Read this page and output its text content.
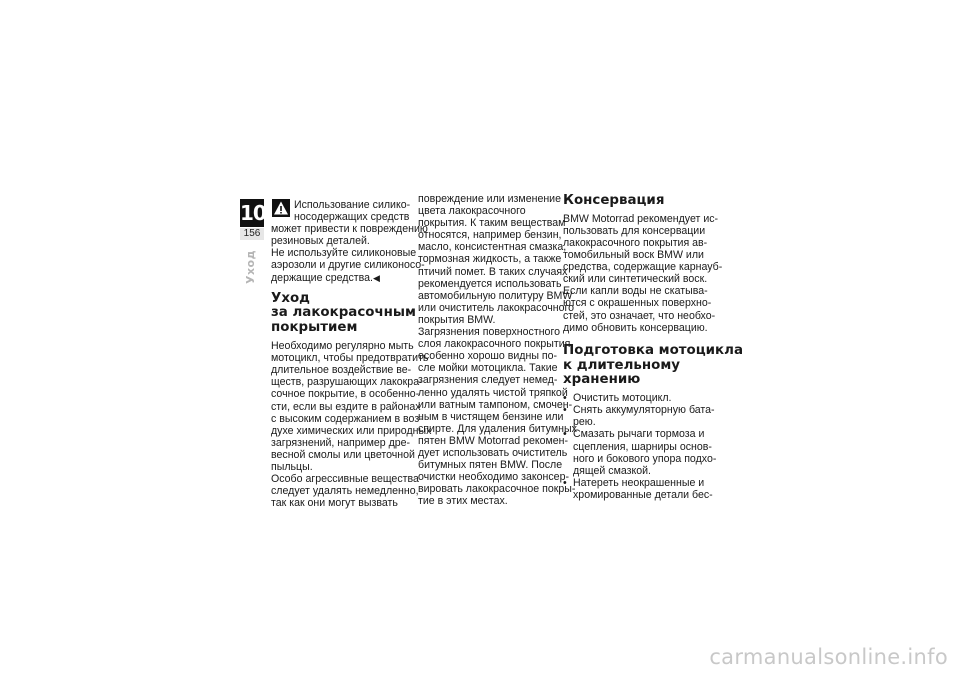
10
156
Уход
Использование силико-
носодержащих средств
может привести к повреждению
резиновых деталей.
Не используйте силиконовые
аэрозоли и другие силиконосо-
держащие средства.◀
Уход
за лакокрасочным
покрытием
Необходимо регулярно мыть
мотоцикл, чтобы предотвратить
длительное воздействие ве-
ществ, разрушающих лакокра-
сочное покрытие, в особенно-
сти, если вы ездите в районах
с высоким содержанием в воз-
духе химических или природных
загрязнений, например дре-
весной смолы или цветочной
пыльцы.
Особо агрессивные вещества
следует удалять немедленно,
так как они могут вызвать
повреждение или изменение
цвета лакокрасочного
покрытия. К таким веществам
относятся, например бензин,
масло, консистентная смазка,
тормозная жидкость, а также
птичий помет. В таких случаях
рекомендуется использовать
автомобильную политуру BMW
или очиститель лакокрасочного
покрытия BMW.
Загрязнения поверхностного
слоя лакокрасочного покрытия
особенно хорошо видны по-
сле мойки мотоцикла. Такие
загрязнения следует немед-
ленно удалять чистой тряпкой
или ватным тампоном, смочен-
ным в чистящем бензине или
спирте. Для удаления битумных
пятен BMW Motorrad рекомен-
дует использовать очиститель
битумных пятен BMW. После
очистки необходимо законсер-
вировать лакокрасочное покры-
тие в этих местах.
Консервация
BMW Motorrad рекомендует ис-
пользовать для консервации
лакокрасочного покрытия ав-
томобильный воск BMW или
средства, содержащие карнауб-
ский или синтетический воск.
Если капли воды не скатыва-
ются с окрашенных поверхно-
стей, это означает, что необхо-
димо обновить консервацию.
Подготовка мотоцикла
к длительному
хранению
• Очистить мотоцикл.
• Снять аккумуляторную бата-
рею.
• Смазать рычаги тормоза и
сцепления, шарниры основ-
ного и бокового упора подхо-
дящей смазкой.
• Натереть неокрашенные и
хромированные детали бес-
carmanualsonline.info
